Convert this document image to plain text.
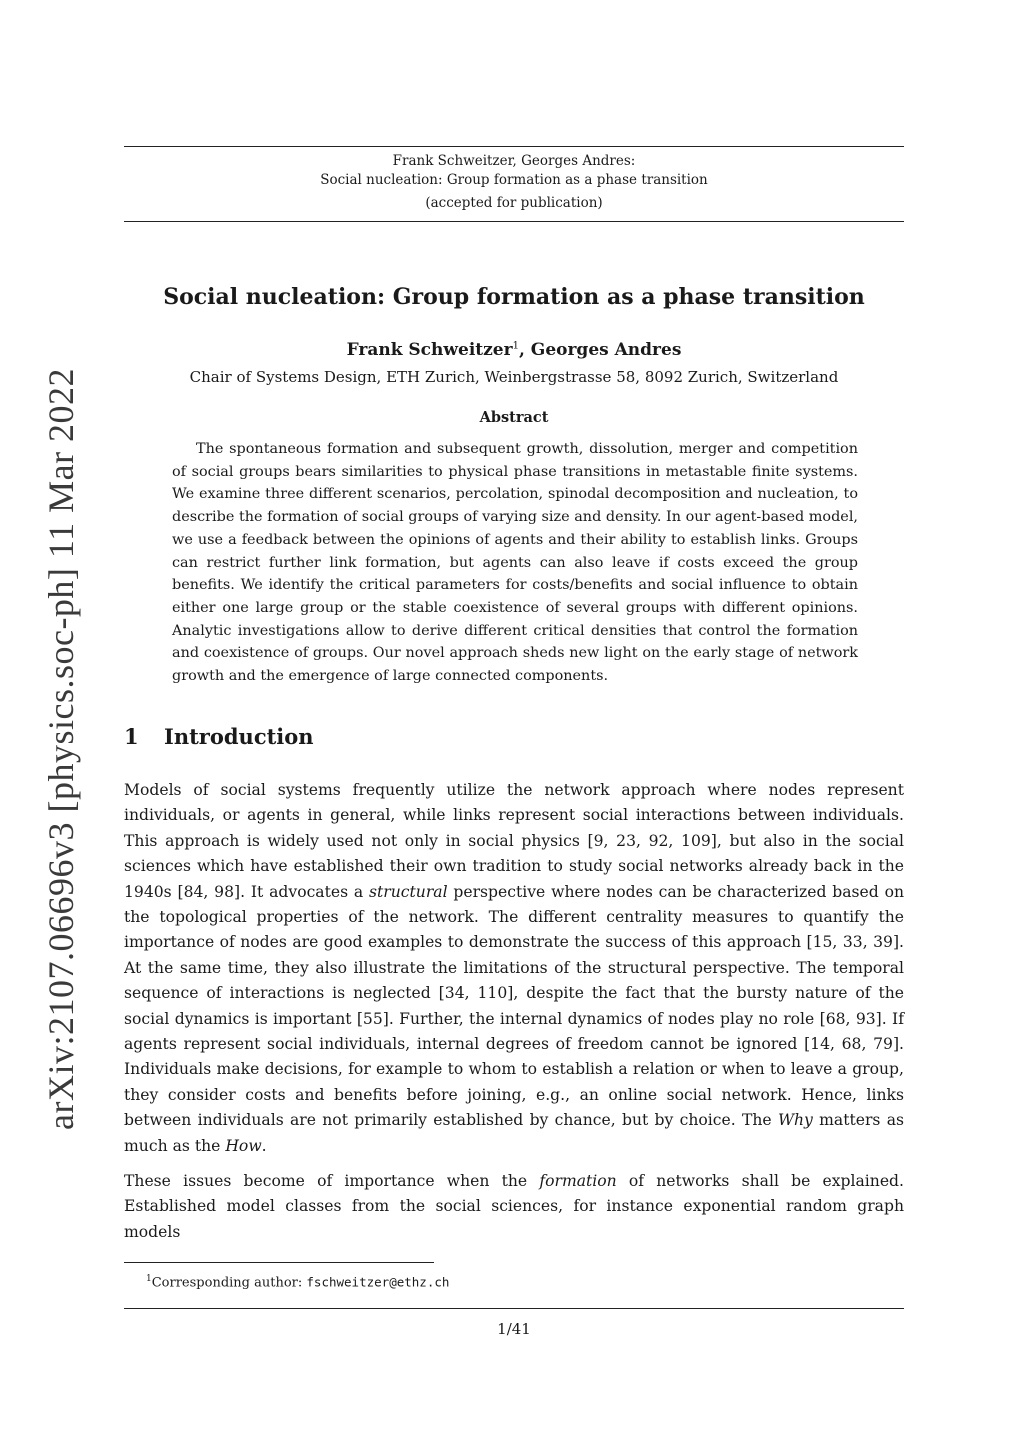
Frank Schweitzer, Georges Andres:
Social nucleation: Group formation as a phase transition
(accepted for publication)
arXiv:2107.06696v3 [physics.soc-ph] 11 Mar 2022
Social nucleation: Group formation as a phase transition
Frank Schweitzer$^1$, Georges Andres
Chair of Systems Design, ETH Zurich, Weinbergstrasse 58, 8092 Zurich, Switzerland
Abstract
The spontaneous formation and subsequent growth, dissolution, merger and competition of social groups bears similarities to physical phase transitions in metastable finite systems. We examine three different scenarios, percolation, spinodal decomposition and nucleation, to describe the formation of social groups of varying size and density. In our agent-based model, we use a feedback between the opinions of agents and their ability to establish links. Groups can restrict further link formation, but agents can also leave if costs exceed the group benefits. We identify the critical parameters for costs/benefits and social influence to obtain either one large group or the stable coexistence of several groups with different opinions. Analytic investigations allow to derive different critical densities that control the formation and coexistence of groups. Our novel approach sheds new light on the early stage of network growth and the emergence of large connected components.
1 Introduction
Models of social systems frequently utilize the network approach where nodes represent individuals, or agents in general, while links represent social interactions between individuals. This approach is widely used not only in social physics [9, 23, 92, 109], but also in the social sciences which have established their own tradition to study social networks already back in the 1940s [84, 98]. It advocates a structural perspective where nodes can be characterized based on the topological properties of the network. The different centrality measures to quantify the importance of nodes are good examples to demonstrate the success of this approach [15, 33, 39]. At the same time, they also illustrate the limitations of the structural perspective. The temporal sequence of interactions is neglected [34, 110], despite the fact that the bursty nature of the social dynamics is important [55]. Further, the internal dynamics of nodes play no role [68, 93]. If agents represent social individuals, internal degrees of freedom cannot be ignored [14, 68, 79]. Individuals make decisions, for example to whom to establish a relation or when to leave a group, they consider costs and benefits before joining, e.g., an online social network. Hence, links between individuals are not primarily established by chance, but by choice. The Why matters as much as the How.
These issues become of importance when the formation of networks shall be explained. Established model classes from the social sciences, for instance exponential random graph models
$^1$Corresponding author: fschweitzer@ethz.ch
1/41
